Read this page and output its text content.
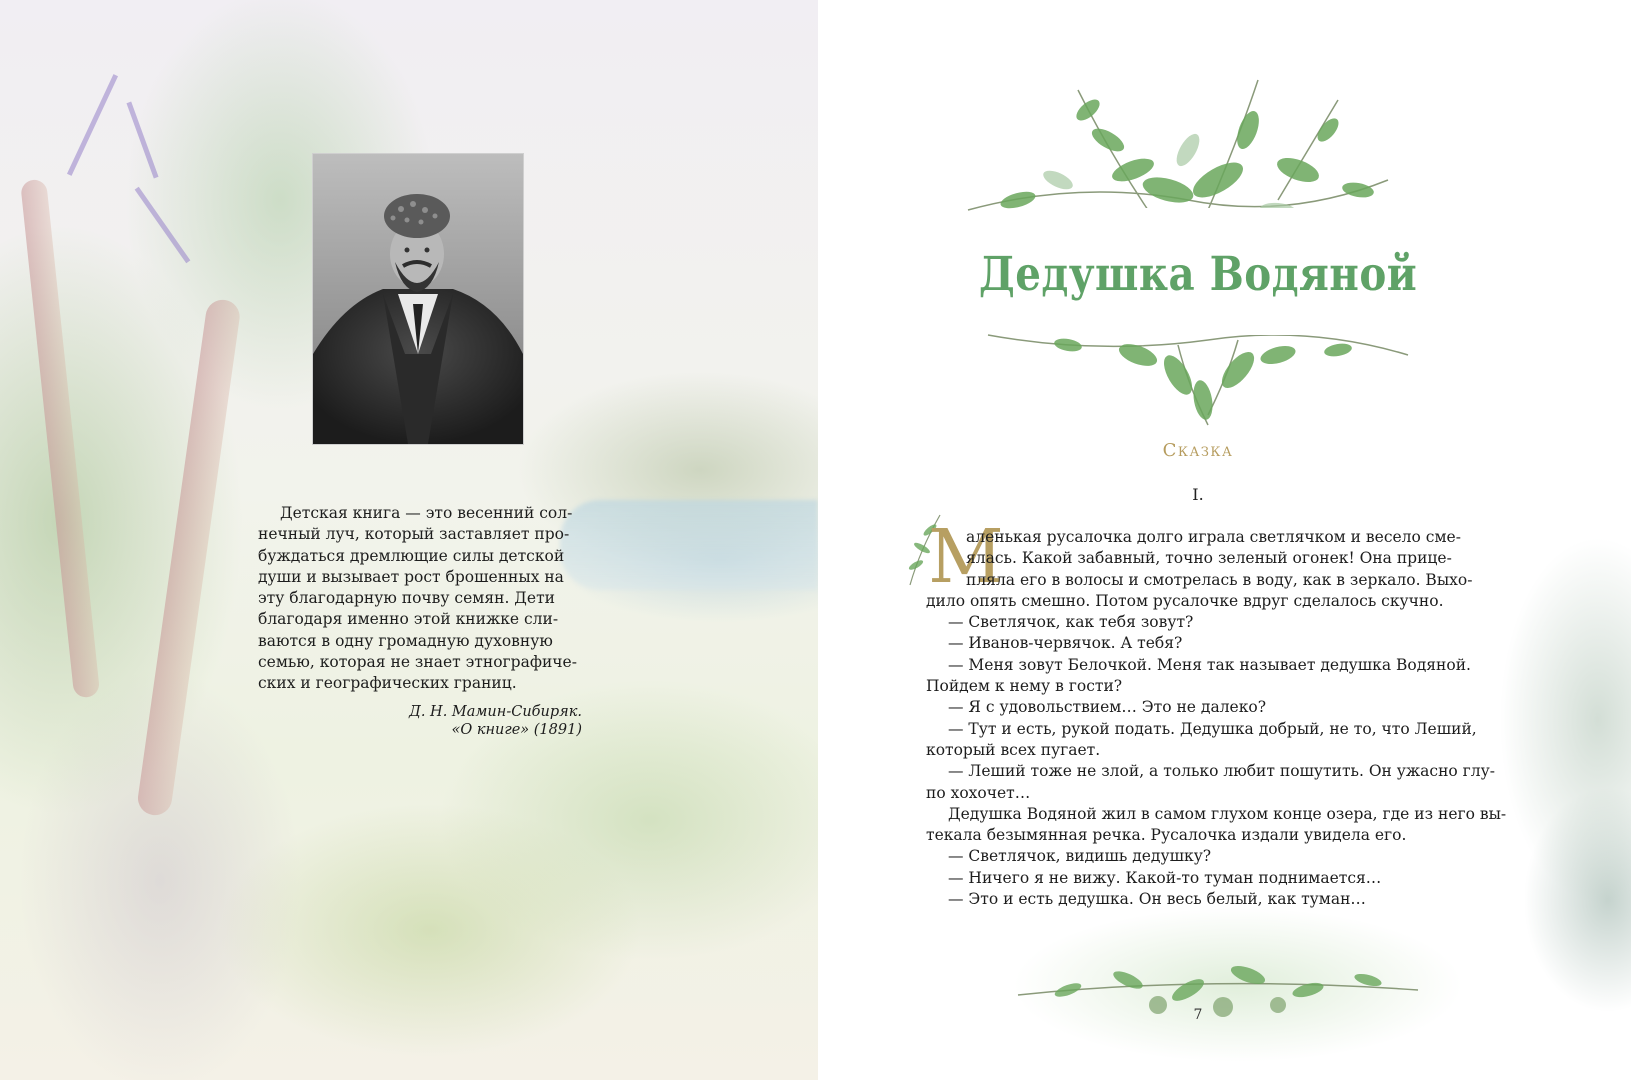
Детская книга — это весенний сол-
нечный луч, который заставляет про-
буждаться дремлющие силы детской
души и вызывает рост брошенных на
эту благодарную почву семян. Дети
благодаря именно этой книжке сли-
ваются в одну громадную духовную
семью, которая не знает этнографиче-
ских и географических границ.
Д. Н. Мамин-Сибиряк.
«О книге» (1891)
Дедушка Водяной
Сказка
I.
М
аленькая русалочка долго играла светлячком и весело сме-
ялась. Какой забавный, точно зеленый огонек! Она прице-
пляла его в волосы и смотрелась в воду, как в зеркало. Выхо-
дило опять смешно. Потом русалочке вдруг сделалось скучно.
— Светлячок, как тебя зовут?
— Иванов-червячок. А тебя?
— Меня зовут Белочкой. Меня так называет дедушка Водяной.
Пойдем к нему в гости?
— Я с удовольствием… Это не далеко?
— Тут и есть, рукой подать. Дедушка добрый, не то, что Леший,
который всех пугает.
— Леший тоже не злой, а только любит пошутить. Он ужасно глу-
по хохочет…
Дедушка Водяной жил в самом глухом конце озера, где из него вы-
текала безымянная речка. Русалочка издали увидела его.
— Светлячок, видишь дедушку?
— Ничего я не вижу. Какой-то туман поднимается…
— Это и есть дедушка. Он весь белый, как туман…
7
